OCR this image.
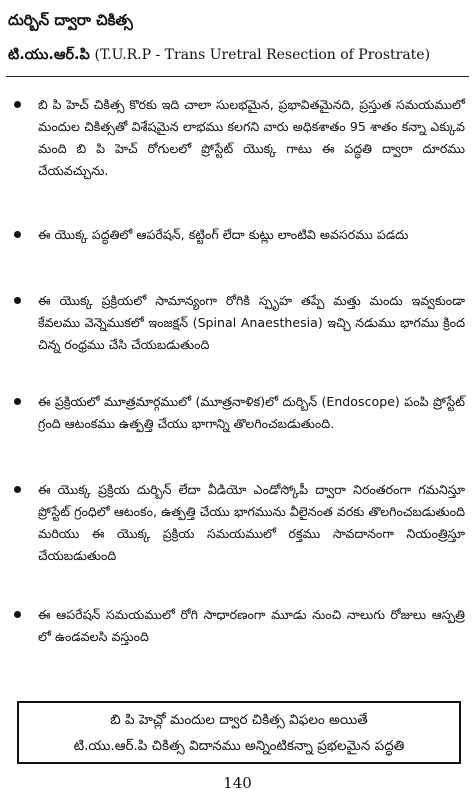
దుర్బిన్ ద్వారా చికిత్స
టి.యు.ఆర్.పి (T.U.R.P - Trans Uretral Resection of Prostrate)
బి పి హెచ్ చికిత్స కొరకు ఇది చాలా సులభమైన, ప్రభావితమైనది, ప్రస్తుత సమయములో మందుల చికిత్సతో విశేషమైన లాభము కలగని వారు అధికశాతం 95 శాతం కన్నా ఎక్కువ మంది బి పి హెచ్ రోగులలో ప్రోస్టేట్ యొక్క గాటు ఈ పద్ధతి ద్వారా దూరము చేయవచ్చును.
ఈ యొక్క పద్ధతిలో ఆపరేషన్, కట్టింగ్ లేదా కుట్లు లాంటివి అవసరము పడదు
ఈ యొక్క ప్రక్రియలో సామాన్యంగా రోగికి స్పృహ తప్పే మత్తు మందు ఇవ్వకుండా కేవలము వెన్నెముకలో ఇంజక్షన్ (Spinal Anaesthesia) ఇచ్చి నడుము భాగము క్రింద చిన్న రంధ్రము చేసి చేయబడుతుంది
ఈ ప్రక్రియలో మూత్రమార్గములో (మూత్రనాళిక)లో దుర్బిన్ (Endoscope) పంపి ప్రోస్టేట్ గ్రంది ఆటంకము ఉత్పత్తి చేయు భాగాన్ని తొలగించబడుతుంది.
ఈ యొక్క ప్రక్రియ దుర్బిన్ లేదా వీడియో ఎండోస్కోపీ ద్వారా నిరంతరంగా గమనిస్తూ ప్రోస్టేట్ గ్రంధిలో ఆటంకం, ఉత్పత్తి చేయు భాగమును వీలైనంత వరకు తొలగించబడుతుంది మరియు ఈ యొక్క ప్రక్రియ సమయములో రక్తము సావదానంగా నియంత్రిస్తూ చేయబడుతుంది
ఈ ఆపరేషన్ సమయములో రోగి సాధారణంగా మూడు నుంచి నాలుగు రోజులు ఆస్పత్రి లో ఉండవలసి వస్తుంది
బి పి హెచ్లో మందుల ద్వార చికిత్స విఫలం అయితే
టి.యు.ఆర్.పి చికిత్స విదానము అన్నింటికన్నా ప్రభలమైన పద్ధతి
140
